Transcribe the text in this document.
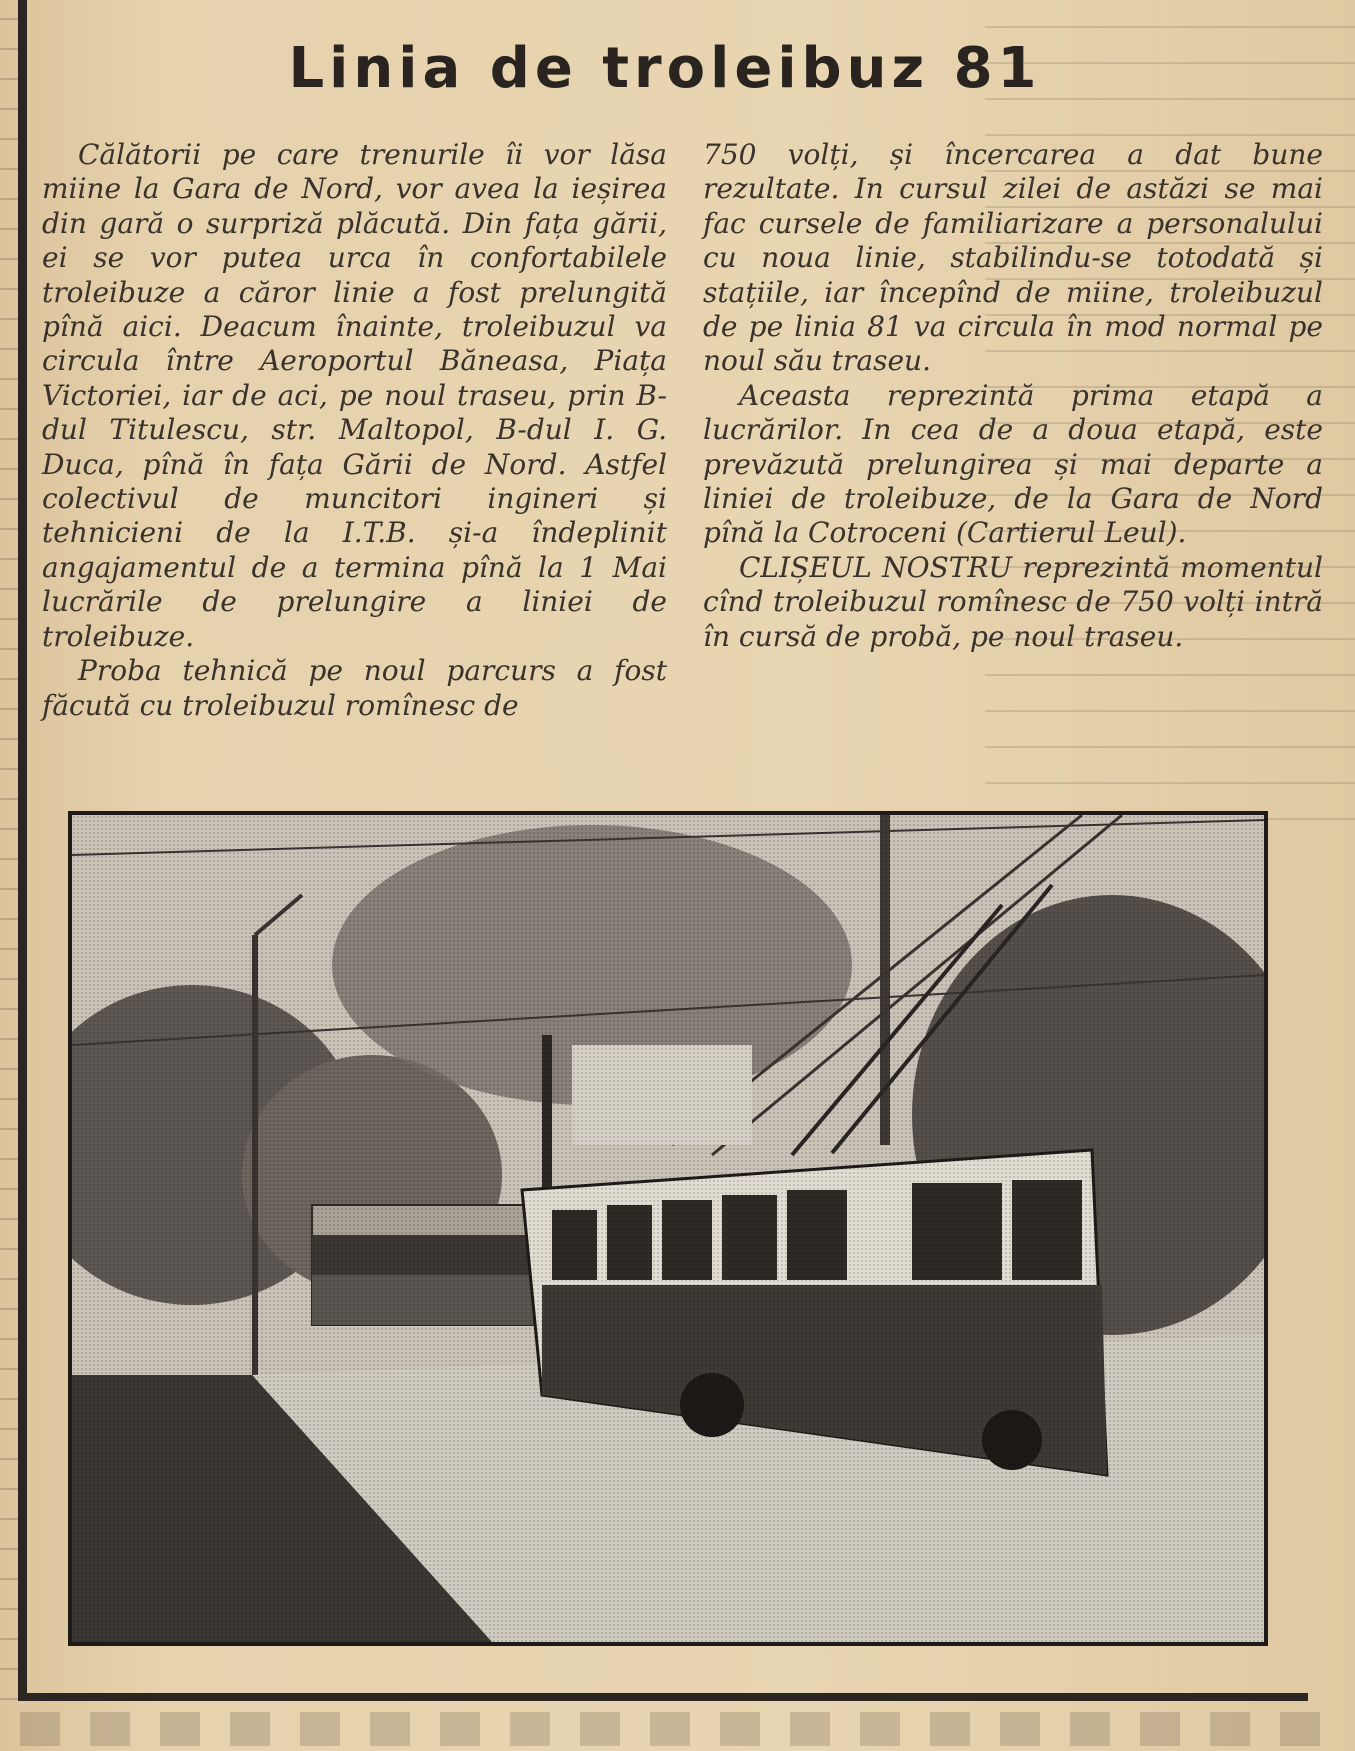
Linia de troleibuz 81

Călătorii pe care trenurile îi vor lăsa miine la Gara de Nord, vor avea la ieșirea din gară o surpriză plăcută. Din fața gării, ei se vor putea urca în confortabilele troleibuze a căror linie a fost prelungită pînă aici. Deacum înainte, troleibuzul va circula între Aeroportul Băneasa, Piața Victoriei, iar de aci, pe noul traseu, prin B-dul Titulescu, str. Maltopol, B-dul I. G. Duca, pînă în fața Gării de Nord. Astfel colectivul de muncitori ingineri și tehnicieni de la I.T.B. și-a îndeplinit angajamentul de a termina pînă la 1 Mai lucrările de prelungire a liniei de troleibuze.

Proba tehnică pe noul parcurs a fost făcută cu troleibuzul romînesc de

750 volți, și încercarea a dat bune rezultate. In cursul zilei de astăzi se mai fac cursele de familiarizare a personalului cu noua linie, stabilindu-se totodată și stațiile, iar începînd de miine, troleibuzul de pe linia 81 va circula în mod normal pe noul său traseu.

Aceasta reprezintă prima etapă a lucrărilor. In cea de a doua etapă, este prevăzută prelungirea și mai departe a liniei de troleibuze, de la Gara de Nord pînă la Cotroceni (Cartierul Leul).

CLIȘEUL NOSTRU reprezintă momentul cînd troleibuzul romînesc de 750 volți intră în cursă de probă, pe noul traseu.
